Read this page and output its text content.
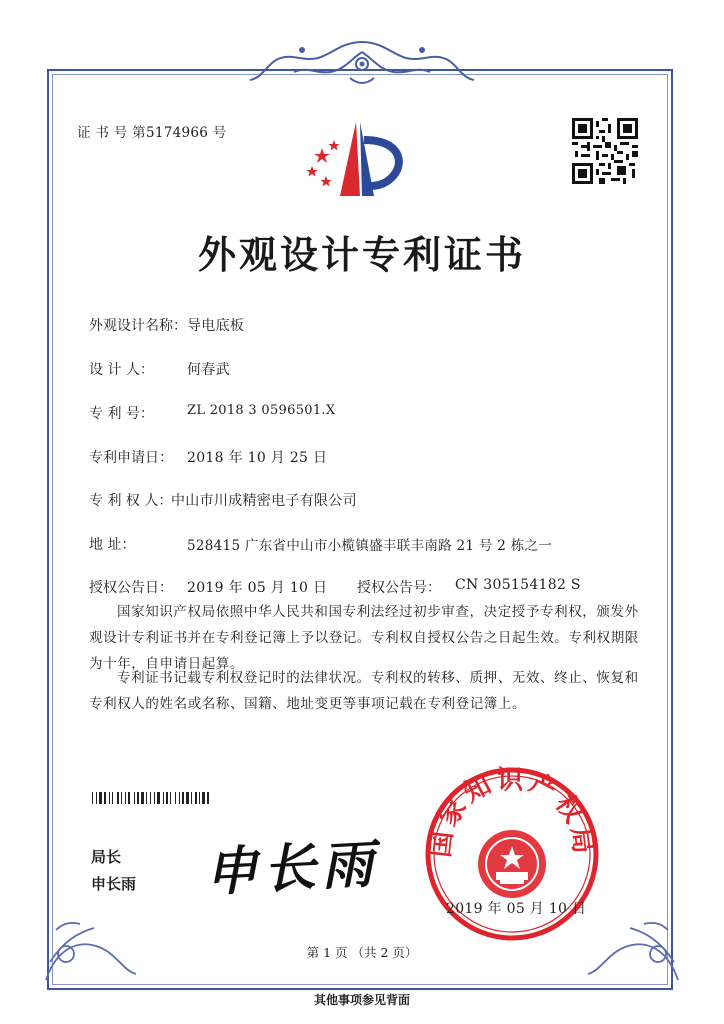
证 书 号 第5174966 号
外观设计专利证书
外观设计名称： 导电底板
设 计 人： 何春武
专 利 号：	ZL 2018 3 0596501.X
专利申请日： 2018 年 10 月 25 日
专 利 权 人：
中山市川成精密电子有限公司
地 址：	528415 广东省中山市小榄镇盛丰联丰南路 21 号 2 栋之一
授权公告日： 2019 年 05 月 10 日 授权公告号： CN 305154182 S
国家知识产权局依照中华人民共和国专利法经过初步审查，决定授予专利权，颁发外观设计专利证书并在专利登记簿上予以登记。专利权自授权公告之日起生效。专利权期限为十年，自申请日起算。
专利证书记载专利权登记时的法律状况。专利权的转移、质押、无效、终止、恢复和专利权人的姓名或名称、国籍、地址变更等事项记载在专利登记簿上。
局长
申长雨 申长雨 国家知识产权局
2019 年 05 月 10 日
第 1 页 （共 2 页）
其他事项参见背面
